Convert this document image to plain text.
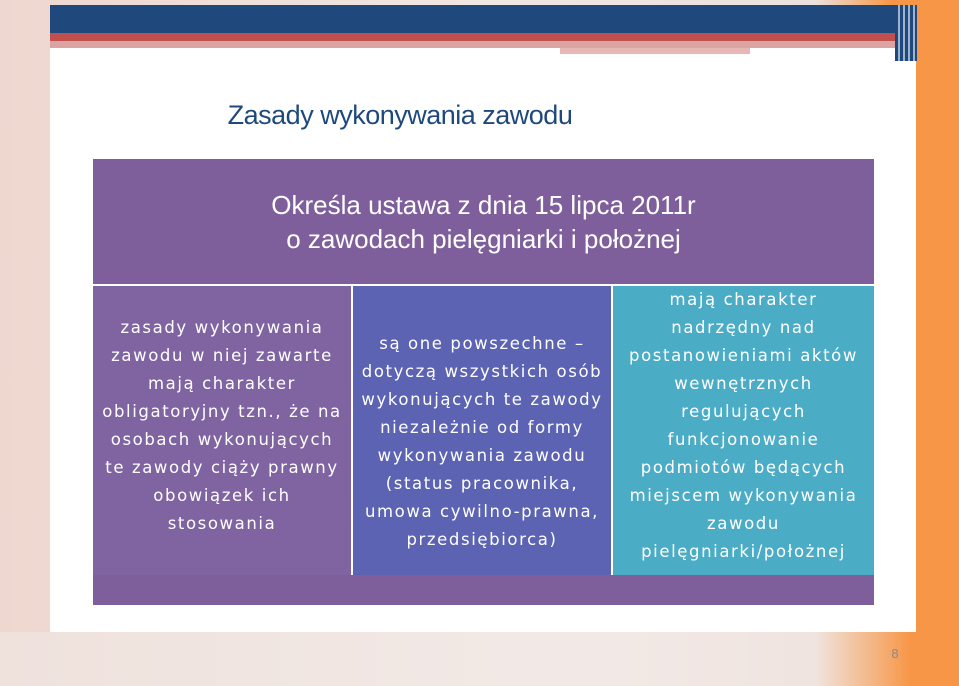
Zasady wykonywania zawodu
Określa ustawa z dnia 15 lipca 2011r
o zawodach pielęgniarki i położnej
zasady wykonywania
zawodu w niej zawarte
mają charakter
obligatoryjny tzn., że na
osobach wykonujących
te zawody ciąży prawny
obowiązek ich
stosowania
są one powszechne –
dotyczą wszystkich osób
wykonujących te zawody
niezależnie od formy
wykonywania zawodu
(status pracownika,
umowa cywilno-prawna,
przedsiębiorca)
mają charakter
nadrzędny nad
postanowieniami aktów
wewnętrznych
regulujących
funkcjonowanie
podmiotów będących
miejscem wykonywania
zawodu
pielęgniarki/położnej
8
